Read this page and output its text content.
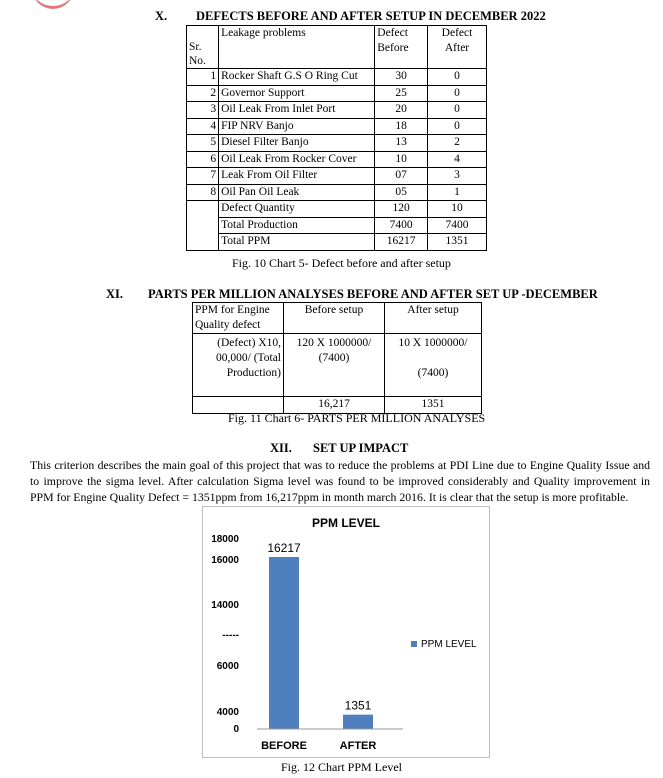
X. DEFECTS BEFORE AND AFTER SETUP IN DECEMBER 2022
Sr. No.	Leakage problems	Defect Before	Defect After
1	Rocker Shaft G.S O Ring Cut	30	0
2	Governor Support	25	0
3	Oil Leak From Inlet Port	20	0
4	FIP NRV Banjo	18	0
5	Diesel Filter Banjo	13	2
6	Oil Leak From Rocker Cover	10	4
7	Leak From Oil Filter	07	3
8	Oil Pan Oil Leak	05	1
	Defect Quantity	120	10
	Total Production	7400	7400
	Total PPM	16217	1351
Fig. 10 Chart 5- Defect before and after setup
XI. PARTS PER MILLION ANALYSES BEFORE AND AFTER SET UP -DECEMBER
PPM for Engine Quality defect	Before setup	After setup
(Defect) X10, 00,000/ (Total Production)	120 X 1000000/ (7400)	10 X 1000000/
(7400)

	16,217	1351
Fig. 11 Chart 6- PARTS PER MILLION ANALYSES
XII. SET UP IMPACT
This criterion describes the main goal of this project that was to reduce the problems at PDI Line due to Engine Quality Issue and to improve the sigma level. After calculation Sigma level was found to be improved considerably and Quality improvement in PPM for Engine Quality Defect = 1351ppm from 16,217ppm in month march 2016. It is clear that the setup is more profitable.
PPM LEVEL
18000
16000
14000
-----
6000
4000
0
16217
1351
BEFORE	AFTER
PPM LEVEL
Fig. 12 Chart PPM Level
